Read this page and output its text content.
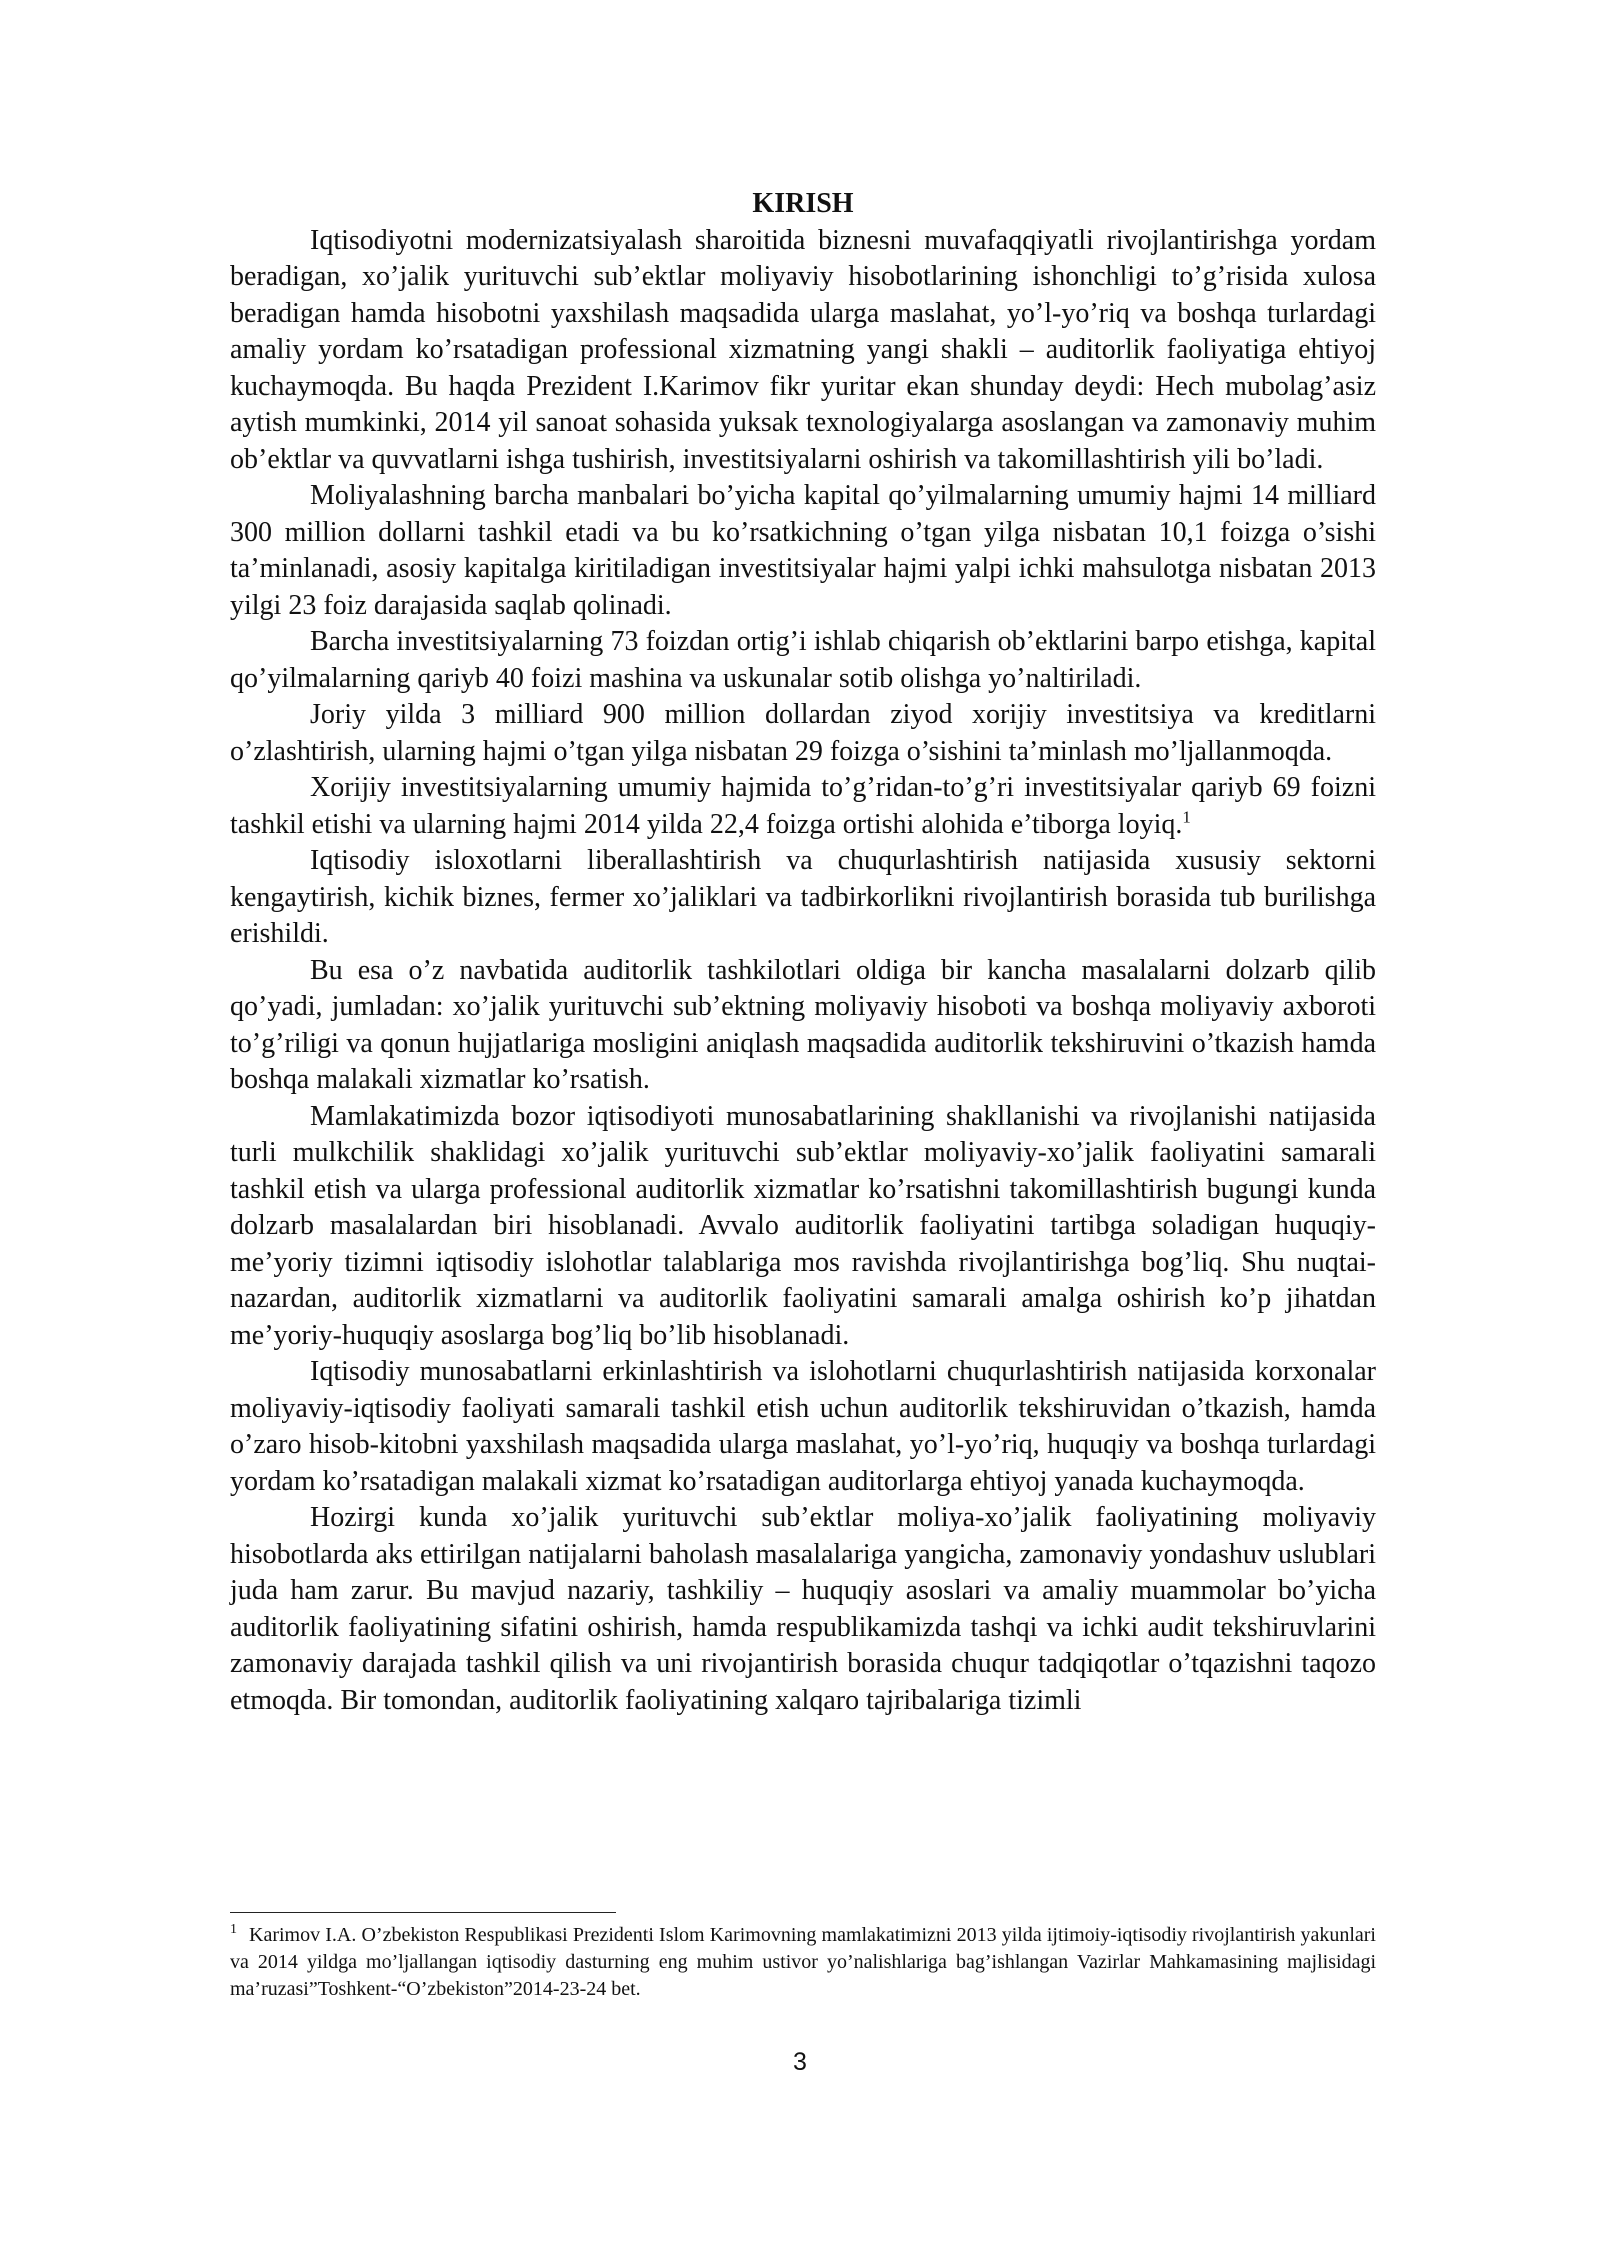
KIRISH

Iqtisodiyotni modernizatsiyalash sharoitida biznesni muvafaqqiyatli rivojlantirishga yordam beradigan, xo’jalik yurituvchi sub’ektlar moliyaviy hisobotlarining ishonchligi to’g’risida xulosa beradigan hamda hisobotni yaxshilash maqsadida ularga maslahat, yo’l-yo’riq va boshqa turlardagi amaliy yordam ko’rsatadigan professional xizmatning yangi shakli – auditorlik faoliyatiga ehtiyoj kuchaymoqda. Bu haqda Prezident I.Karimov fikr yuritar ekan shunday deydi: Hech mubolag’asiz aytish mumkinki, 2014 yil sanoat sohasida yuksak texnologiyalarga asoslangan va zamonaviy muhim ob’ektlar va quvvatlarni ishga tushirish, investitsiyalarni oshirish va takomillashtirish yili bo’ladi.

Moliyalashning barcha manbalari bo’yicha kapital qo’yilmalarning umumiy hajmi 14 milliard 300 million dollarni tashkil etadi va bu ko’rsatkichning o’tgan yilga nisbatan 10,1 foizga o’sishi ta’minlanadi, asosiy kapitalga kiritiladigan investitsiyalar hajmi yalpi ichki mahsulotga nisbatan 2013 yilgi 23 foiz darajasida saqlab qolinadi.

Barcha investitsiyalarning 73 foizdan ortig’i ishlab chiqarish ob’ektlarini barpo etishga, kapital qo’yilmalarning qariyb 40 foizi mashina va uskunalar sotib olishga yo’naltiriladi.

Joriy yilda 3 milliard 900 million dollardan ziyod xorijiy investitsiya va kreditlarni o’zlashtirish, ularning hajmi o’tgan yilga nisbatan 29 foizga o’sishini ta’minlash mo’ljallanmoqda.

Xorijiy investitsiyalarning umumiy hajmida to’g’ridan-to’g’ri investitsiyalar qariyb 69 foizni tashkil etishi va ularning hajmi 2014 yilda 22,4 foizga ortishi alohida e’tiborga loyiq.$^1$

Iqtisodiy isloxotlarni liberallashtirish va chuqurlashtirish natijasida xususiy sektorni kengaytirish, kichik biznes, fermer xo’jaliklari va tadbirkorlikni rivojlantirish borasida tub burilishga erishildi.

Bu esa o’z navbatida auditorlik tashkilotlari oldiga bir kancha masalalarni dolzarb qilib qo’yadi, jumladan: xo’jalik yurituvchi sub’ektning moliyaviy hisoboti va boshqa moliyaviy axboroti to’g’riligi va qonun hujjatlariga mosligini aniqlash maqsadida auditorlik tekshiruvini o’tkazish hamda boshqa malakali xizmatlar ko’rsatish.

Mamlakatimizda bozor iqtisodiyoti munosabatlarining shakllanishi va rivojlanishi natijasida turli mulkchilik shaklidagi xo’jalik yurituvchi sub’ektlar moliyaviy-xo’jalik faoliyatini samarali tashkil etish va ularga professional auditorlik xizmatlar ko’rsatishni takomillashtirish bugungi kunda dolzarb masalalardan biri hisoblanadi. Avvalo auditorlik faoliyatini tartibga soladigan huquqiy-me’yoriy tizimni iqtisodiy islohotlar talablariga mos ravishda rivojlantirishga bog’liq. Shu nuqtai-nazardan, auditorlik xizmatlarni va auditorlik faoliyatini samarali amalga oshirish ko’p jihatdan me’yoriy-huquqiy asoslarga bog’liq bo’lib hisoblanadi.

Iqtisodiy munosabatlarni erkinlashtirish va islohotlarni chuqurlashtirish natijasida korxonalar moliyaviy-iqtisodiy faoliyati samarali tashkil etish uchun auditorlik tekshiruvidan o’tkazish, hamda o’zaro hisob-kitobni yaxshilash maqsadida ularga maslahat, yo’l-yo’riq, huquqiy va boshqa turlardagi yordam ko’rsatadigan malakali xizmat ko’rsatadigan auditorlarga ehtiyoj yanada kuchaymoqda.

Hozirgi kunda xo’jalik yurituvchi sub’ektlar moliya-xo’jalik faoliyatining moliyaviy hisobotlarda aks ettirilgan natijalarni baholash masalalariga yangicha, zamonaviy yondashuv uslublari juda ham zarur. Bu mavjud nazariy, tashkiliy – huquqiy asoslari va amaliy muammolar bo’yicha auditorlik faoliyatining sifatini oshirish, hamda respublikamizda tashqi va ichki audit tekshiruvlarini zamonaviy darajada tashkil qilish va uni rivojantirish borasida chuqur tadqiqotlar o’tqazishni taqozo etmoqda. Bir tomondan, auditorlik faoliyatining xalqaro tajribalariga tizimli

$^1$ Karimov I.A. O’zbekiston Respublikasi Prezidenti Islom Karimovning mamlakatimizni 2013 yilda ijtimoiy-iqtisodiy rivojlantirish yakunlari va 2014 yildga mo’ljallangan iqtisodiy dasturning eng muhim ustivor yo’nalishlariga bag’ishlangan Vazirlar Mahkamasining majlisidagi ma’ruzasi”Toshkent-“O’zbekiston”2014-23-24 bet.

3
